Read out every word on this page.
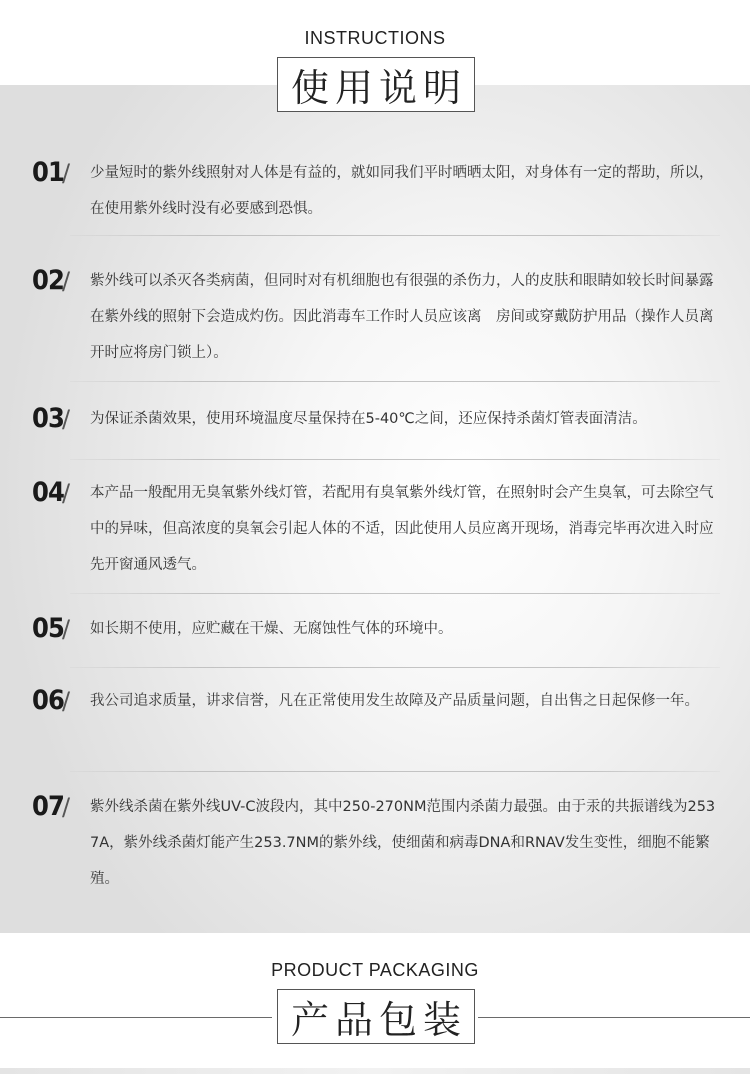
INSTRUCTIONS
01
/ 少量短时的紫外线照射对人体是有益的，就如同我们平时晒晒太阳，对身体有一定的帮助，所以，在使用紫外线时没有必要感到恐惧。
02
/ 紫外线可以杀灭各类病菌，但同时对有机细胞也有很强的杀伤力，人的皮肤和眼睛如较长时间暴露在紫外线的照射下会造成灼伤。因此消毒车工作时人员应该离　房间或穿戴防护用品（操作人员离开时应将房门锁上）。
03
/ 为保证杀菌效果，使用环境温度尽量保持在5-40℃之间，还应保持杀菌灯管表面清洁。
04
/ 本产品一般配用无臭氧紫外线灯管，若配用有臭氧紫外线灯管，在照射时会产生臭氧，可去除空气中的异味，但高浓度的臭氧会引起人体的不适，因此使用人员应离开现场，消毒完毕再次进入时应先开窗通风透气。
05
/ 如长期不使用，应贮藏在干燥、无腐蚀性气体的环境中。
06
/ 我公司追求质量，讲求信誉，凡在正常使用发生故障及产品质量问题，自出售之日起保修一年。
07
/ 紫外线杀菌在紫外线UV-C波段内，其中250-270NM范围内杀菌力最强。由于汞的共振谱线为2537A，紫外线杀菌灯能产生253.7NM的紫外线，使细菌和病毒DNA和RNAV发生变性，细胞不能繁殖。
使用说明
PRODUCT PACKAGING
产品包装
